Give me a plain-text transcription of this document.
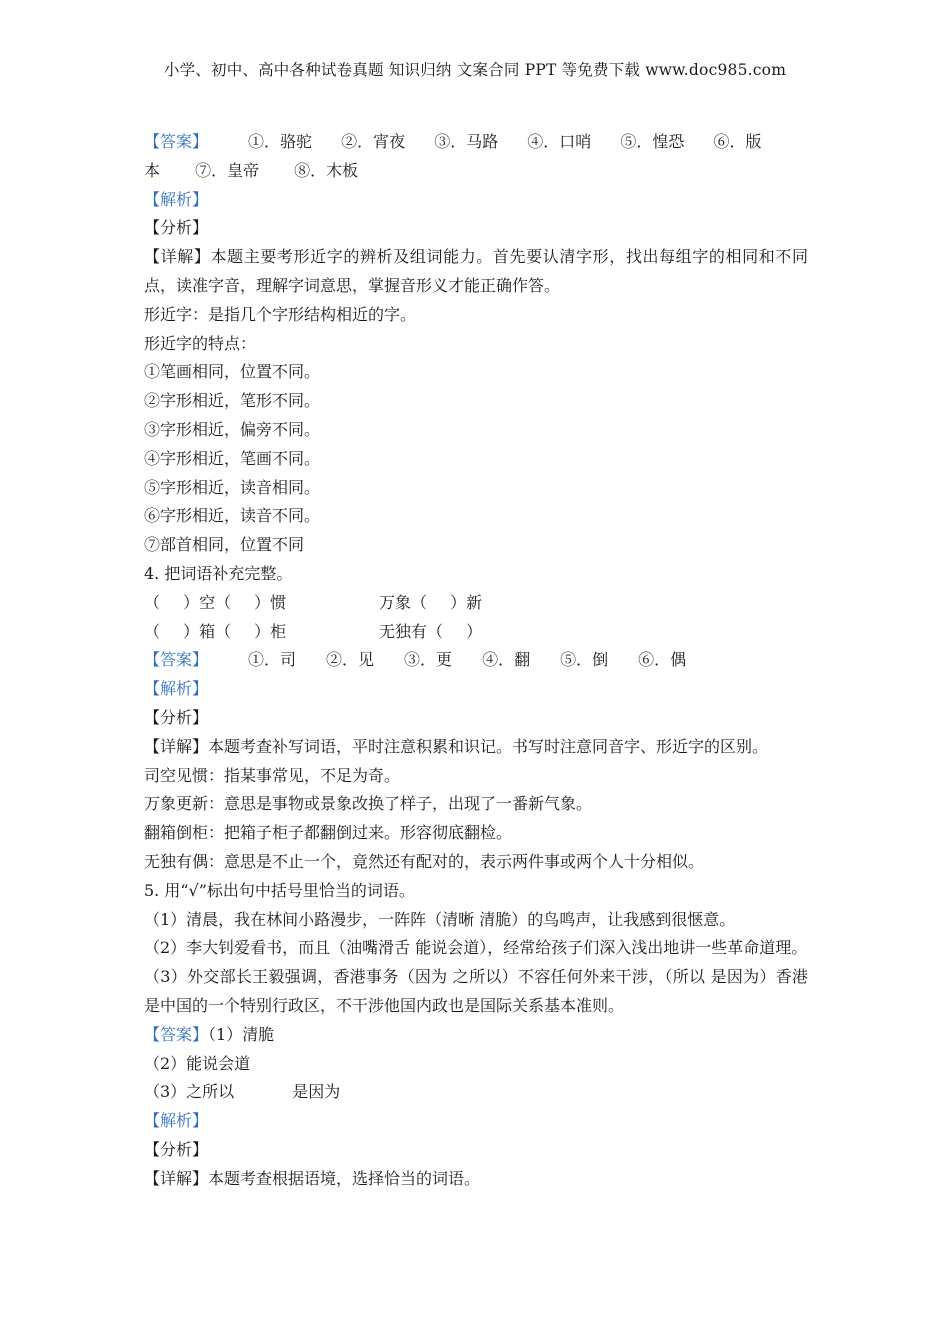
小学、初中、高中各种试卷真题 知识归纳 文案合同 PPT 等免费下载 www.doc985.com
【答案】	①．骆驼 ②．宵夜 ③．马路 ④．口哨 ⑤．惶恐 ⑥．版
本 ⑦．皇帝 ⑧．木板
【解析】
【分析】
【详解】本题主要考形近字的辨析及组词能力。首先要认清字形，找出每组字的相同和不同点，读准字音，理解字词意思，掌握音形义才能正确作答。
形近字：是指几个字形结构相近的字。
形近字的特点：
①笔画相同，位置不同。
②字形相近，笔形不同。
③字形相近，偏旁不同。
④字形相近，笔画不同。
⑤字形相近，读音相同。
⑥字形相近，读音不同。
⑦部首相同，位置不同
4. 把词语补充完整。
（ ）空（ ）惯	万象（ ）新
（ ）箱（ ）柜	无独有（ ）
【答案】	①．司 ②．见 ③．更 ④．翻 ⑤．倒 ⑥．偶
【解析】
【分析】
【详解】本题考查补写词语，平时注意积累和识记。书写时注意同音字、形近字的区别。
司空见惯：指某事常见，不足为奇。
万象更新：意思是事物或景象改换了样子，出现了一番新气象。
翻箱倒柜：把箱子柜子都翻倒过来。形容彻底翻检。
无独有偶：意思是不止一个，竟然还有配对的，表示两件事或两个人十分相似。
5. 用“√”标出句中括号里恰当的词语。
（1）清晨，我在林间小路漫步，一阵阵（清晰 清脆）的鸟鸣声，让我感到很惬意。
（2）李大钊爱看书，而且（油嘴滑舌 能说会道），经常给孩子们深入浅出地讲一些革命道理。
（3）外交部长王毅强调，香港事务（因为 之所以）不容任何外来干涉，（所以 是因为）香港是中国的一个特别行政区，不干涉他国内政也是国际关系基本准则。
【答案】（1）清脆
（2）能说会道
（3）之所以	是因为
【解析】
【分析】
【详解】本题考查根据语境，选择恰当的词语。
